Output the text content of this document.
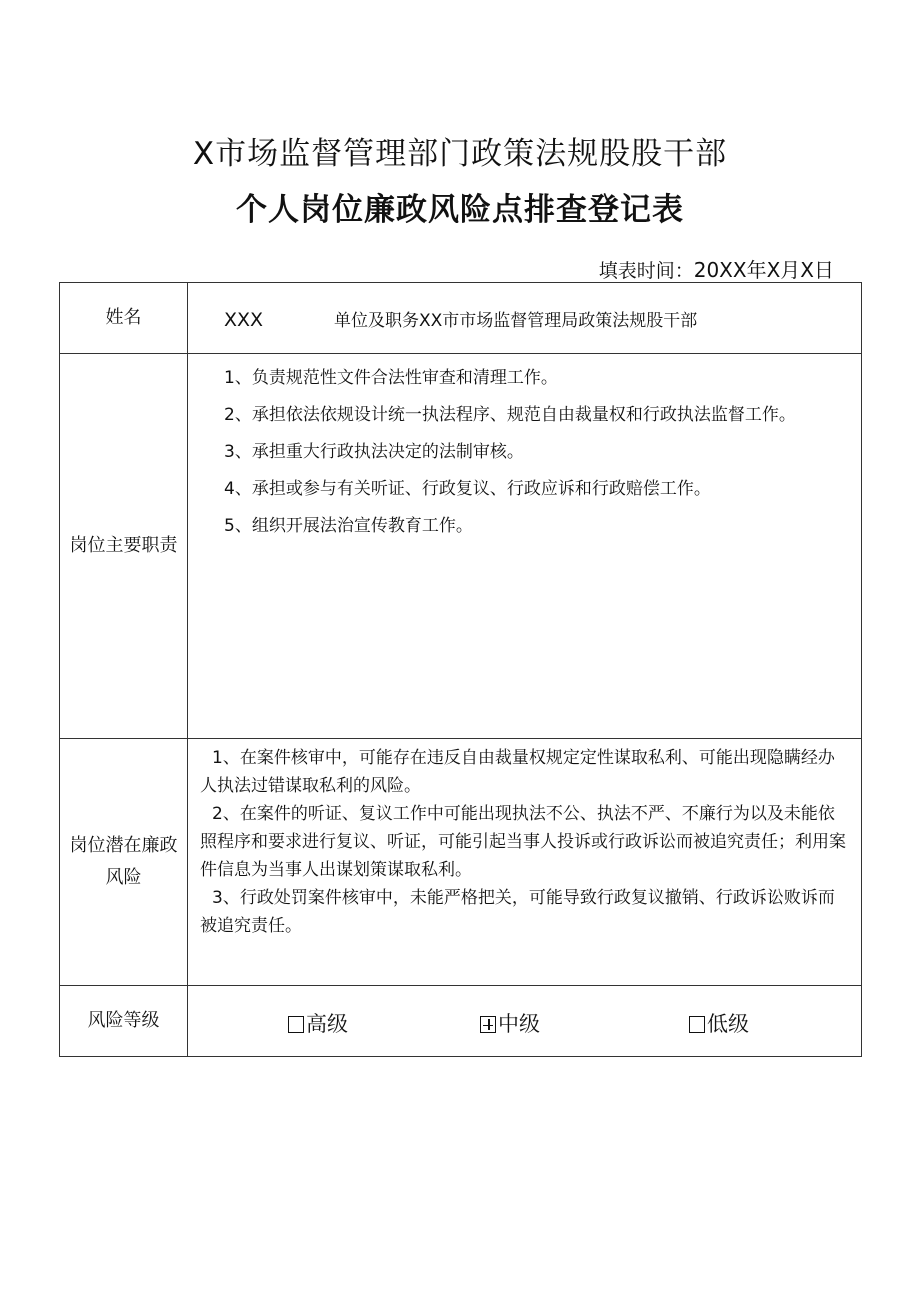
X市场监督管理部门政策法规股股干部
个人岗位廉政风险点排查登记表
填表时间：20XX年X月X日
姓名	XXX 单位及职务XX市市场监督管理局政策法规股干部
岗位主要职责	1、负责规范性文件合法性审查和清理工作。

2、承担依法依规设计统一执法程序、规范自由裁量权和行政执法监督工作。

3、承担重大行政执法决定的法制审核。

4、承担或参与有关听证、行政复议、行政应诉和行政赔偿工作。

5、组织开展法治宣传教育工作。

岗位潜在廉政风险	1、在案件核审中，可能存在违反自由裁量权规定定性谋取私利、可能出现隐瞒经办人执法过错谋取私利的风险。

2、在案件的听证、复议工作中可能出现执法不公、执法不严、不廉行为以及未能依照程序和要求进行复议、听证，可能引起当事人投诉或行政诉讼而被追究责任；利用案件信息为当事人出谋划策谋取私利。

3、行政处罚案件核审中，未能严格把关，可能导致行政复议撤销、行政诉讼败诉而被追究责任。

风险等级	高级 中级 低级
